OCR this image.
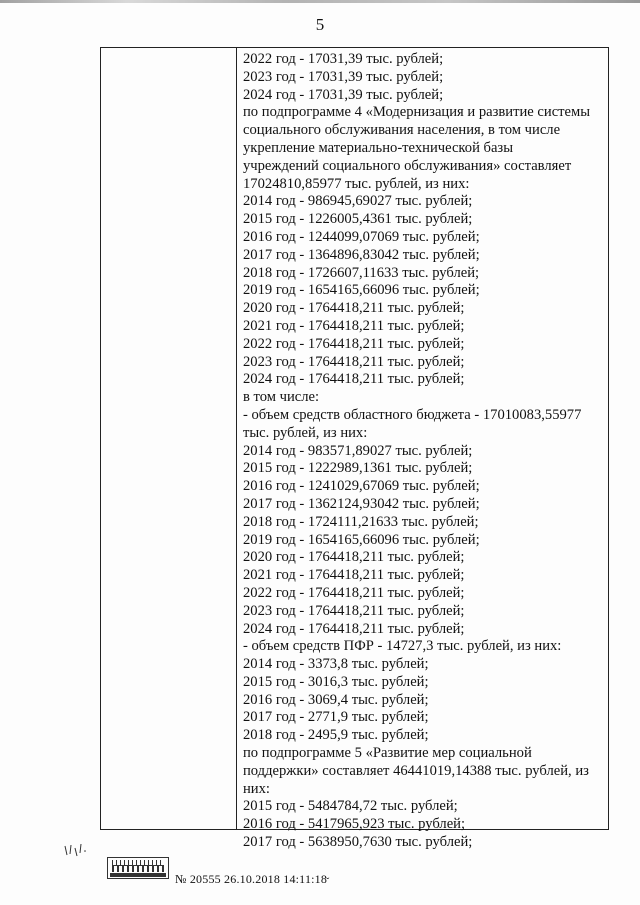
5
2022 год - 17031,39 тыс. рублей;
2023 год - 17031,39 тыс. рублей;
2024 год - 17031,39 тыс. рублей;
по подпрограмме 4 «Модернизация и развитие системы
социального обслуживания населения, в том числе
укрепление материально-технической базы
учреждений социального обслуживания» составляет
17024810,85977 тыс. рублей, из них:
2014 год - 986945,69027 тыс. рублей;
2015 год - 1226005,4361 тыс. рублей;
2016 год - 1244099,07069 тыс. рублей;
2017 год - 1364896,83042 тыс. рублей;
2018 год - 1726607,11633 тыс. рублей;
2019 год - 1654165,66096 тыс. рублей;
2020 год - 1764418,211 тыс. рублей;
2021 год - 1764418,211 тыс. рублей;
2022 год - 1764418,211 тыс. рублей;
2023 год - 1764418,211 тыс. рублей;
2024 год - 1764418,211 тыс. рублей;
в том числе:
- объем средств областного бюджета - 17010083,55977
тыс. рублей, из них:
2014 год - 983571,89027 тыс. рублей;
2015 год - 1222989,1361 тыс. рублей;
2016 год - 1241029,67069 тыс. рублей;
2017 год - 1362124,93042 тыс. рублей;
2018 год - 1724111,21633 тыс. рублей;
2019 год - 1654165,66096 тыс. рублей;
2020 год - 1764418,211 тыс. рублей;
2021 год - 1764418,211 тыс. рублей;
2022 год - 1764418,211 тыс. рублей;
2023 год - 1764418,211 тыс. рублей;
2024 год - 1764418,211 тыс. рублей;
- объем средств ПФР - 14727,3 тыс. рублей, из них:
2014 год - 3373,8 тыс. рублей;
2015 год - 3016,3 тыс. рублей;
2016 год - 3069,4 тыс. рублей;
2017 год - 2771,9 тыс. рублей;
2018 год - 2495,9 тыс. рублей;
по подпрограмме 5 «Развитие мер социальной
поддержки» составляет 46441019,14388 тыс. рублей, из
них:
2015 год - 5484784,72 тыс. рублей;
2016 год - 5417965,923 тыс. рублей;
2017 год - 5638950,7630 тыс. рублей;
№ 20555 26.10.2018 14:11:18
ˇ
